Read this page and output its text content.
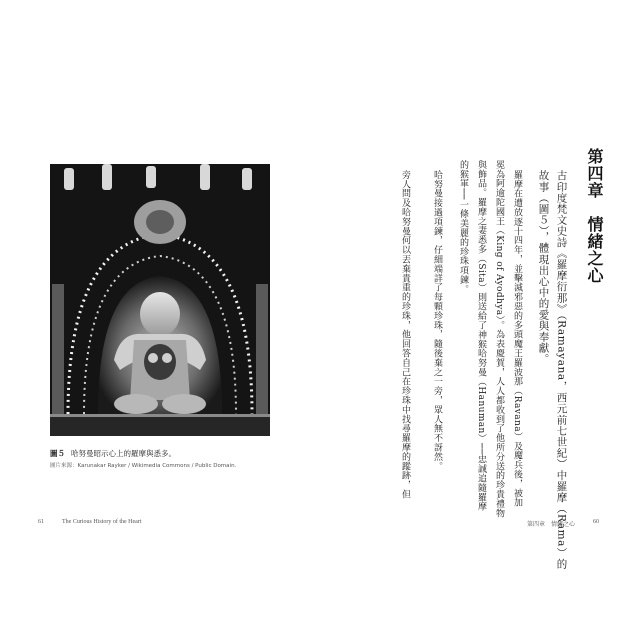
圖５ 哈努曼昭示心上的羅摩與悉多。
圖片來源：Karunakar Rayker / Wikimedia Commons / Public Domain.
61	The Curious History of the Heart
第四章　情緒之心
古印度梵文史詩《羅摩衍那》（Ramayana，西元前七世紀）中羅摩（Rama）的
故事（圖５），體現出心中的愛與奉獻。
羅摩在遭放逐十四年，並擊滅邪惡的多頭魔王羅波那（Ravana）及魔兵後，被加
冕為阿逾陀國王（King of Ayodhya）。為表慶賀，人人都收到了他所分送的珍貴禮物
與飾品。羅摩之妻悉多（Sita）則送給了神猴哈努曼（Hanuman）──忠誠追隨羅摩
的猴軍──一條美麗的珍珠項鍊。
哈努曼接過項鍊，仔細端詳了每顆珍珠，隨後棄之一旁，眾人無不訝然。
旁人問及哈努曼何以丟棄貴重的珍珠，他回答自己在珍珠中找尋羅摩的蹤跡，但
第四章　情緒之心	60
